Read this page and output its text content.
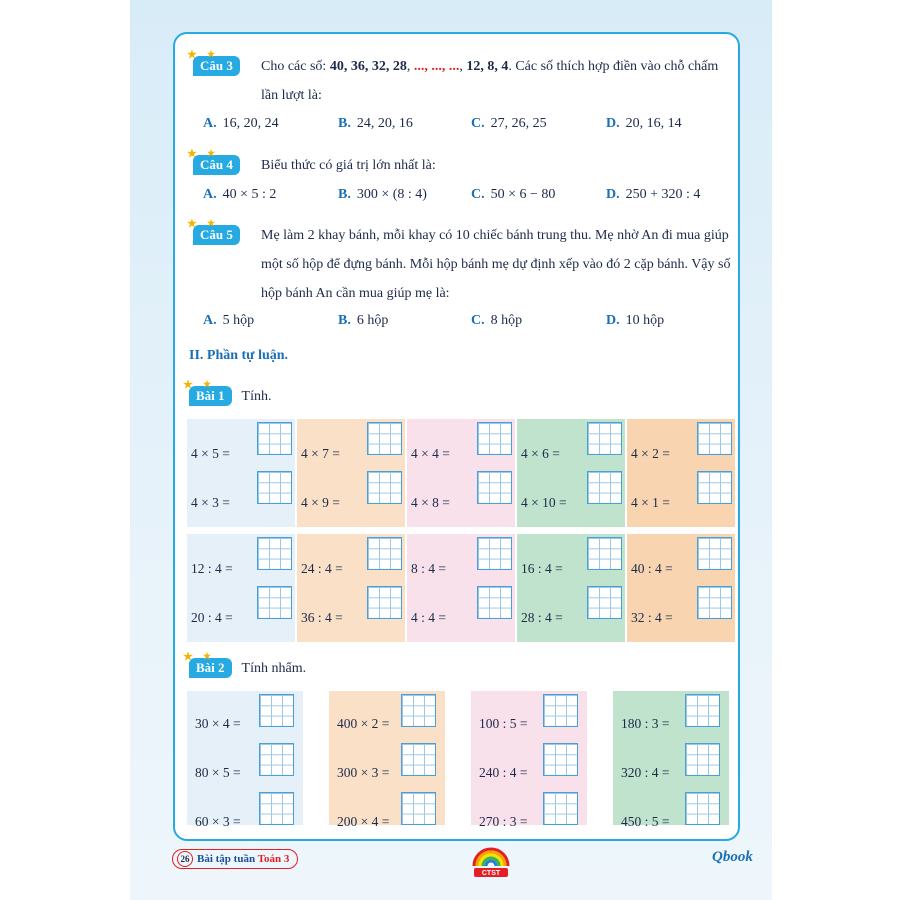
★ Câu 3 ★ Cho các số: 40, 36, 32, 28, ..., ..., ..., 12, 8, 4. Các số thích hợp điền vào chỗ chấm lần lượt là:
A. 16, 20, 24	B. 24, 20, 16	C. 27, 26, 25	D. 20, 16, 14
★ Câu 4 ★ Biểu thức có giá trị lớn nhất là:
A. 40 × 5 : 2	B. 300 × (8 : 4)	C. 50 × 6 − 80	D. 250 + 320 : 4
★ Câu 5 ★ Mẹ làm 2 khay bánh, mỗi khay có 10 chiếc bánh trung thu. Mẹ nhờ An đi mua giúp một số hộp để đựng bánh. Mỗi hộp bánh mẹ dự định xếp vào đó 2 cặp bánh. Vậy số hộp bánh An cần mua giúp mẹ là:
A. 5 hộp	B. 6 hộp	C. 8 hộp	D. 10 hộp
II. Phần tự luận.
★ Bài 1 ★ Tính.
4 × 5 =
4 × 3 =
4 × 7 =
4 × 9 =
4 × 4 =
4 × 8 =
4 × 6 =
4 × 10 =
4 × 2 =
4 × 1 =
12 : 4 =
20 : 4 =
24 : 4 =
36 : 4 =
8 : 4 =
4 : 4 =
16 : 4 =
28 : 4 =
40 : 4 =
32 : 4 =
★ Bài 2 ★ Tính nhẩm.
30 × 4 =
80 × 5 =
60 × 3 =
400 × 2 =
300 × 3 =
200 × 4 =
100 : 5 =
240 : 4 =
270 : 3 =
180 : 3 =
320 : 4 =
450 : 5 =
26 Bài tập tuần Toán 3
CTST
Qbook
